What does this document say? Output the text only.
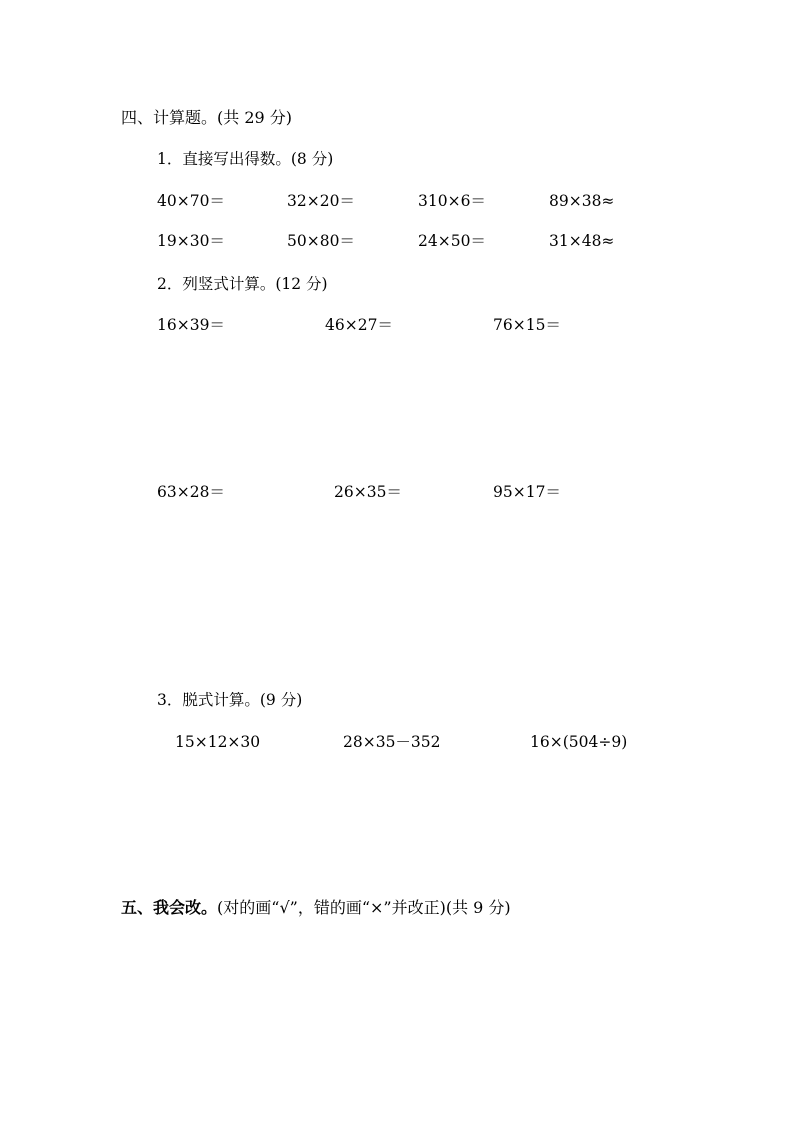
四、计算题。(共 29 分)
1．直接写出得数。(8 分)
40×70＝	32×20＝	310×6＝	89×38≈
19×30＝	50×80＝	24×50＝	31×48≈
2．列竖式计算。(12 分)
16×39＝	46×27＝	76×15＝
63×28＝	26×35＝	95×17＝
3．脱式计算。(9 分)
15×12×30	28×35－352	16×(504÷9)
五、我会改。(对的画“√”，错的画“×”并改正)(共 9 分)
